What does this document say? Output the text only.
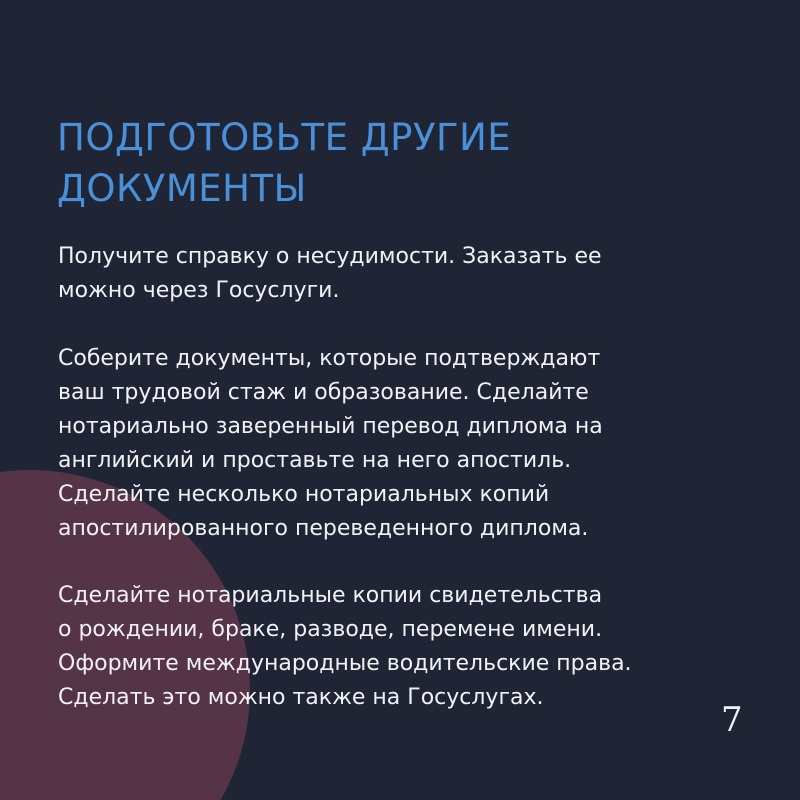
ПОДГОТОВЬТЕ ДРУГИЕ
ДОКУМЕНТЫ

Получите справку о несудимости. Заказать ее
можно через Госуслуги.

Соберите документы, которые подтверждают
ваш трудовой стаж и образование. Сделайте
нотариально заверенный перевод диплома на
английский и проставьте на него апостиль.
Сделайте несколько нотариальных копий
апостилированного переведенного диплома.

Сделайте нотариальные копии свидетельства
о рождении, браке, разводе, перемене имени.
Оформите международные водительские права.
Сделать это можно также на Госуслугах.

7
